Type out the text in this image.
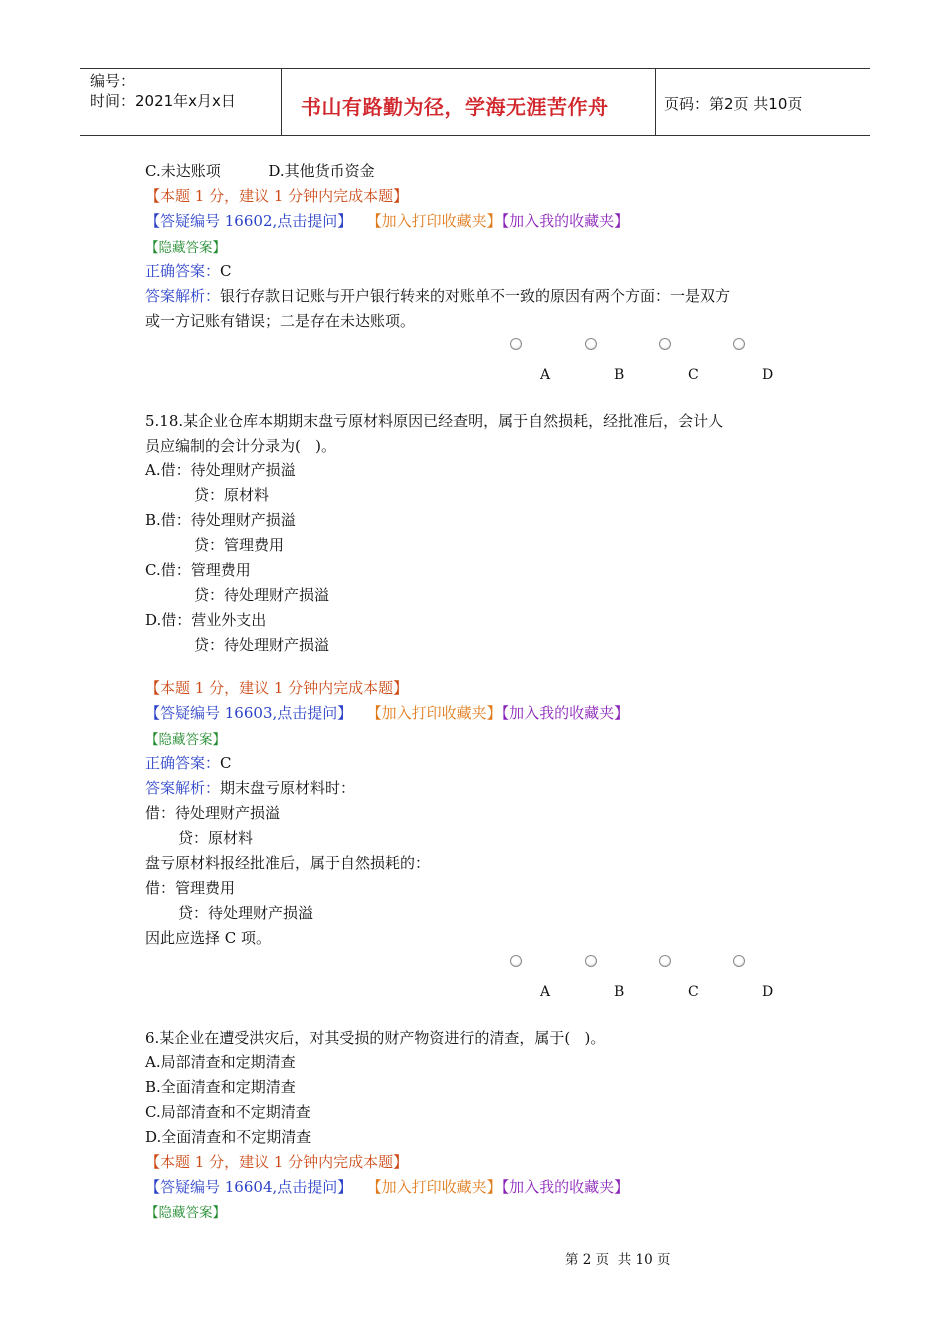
编号：
时间：2021年x月x日	书山有路勤为径，学海无涯苦作舟	页码：第2页 共10页
C.未达账项          D.其他货币资金
【本题 1 分，建议 1 分钟内完成本题】
【答疑编号 16602,点击提问】 【加入打印收藏夹】【加入我的收藏夹】
【隐藏答案】
正确答案：C
答案解析：银行存款日记账与开户银行转来的对账单不一致的原因有两个方面：一是双方
或一方记账有错误；二是存在未达账项。
A	B	C	D
5.18.某企业仓库本期期末盘亏原材料原因已经查明，属于自然损耗，经批准后，会计人
员应编制的会计分录为(   )。
A.借：待处理财产损溢
贷：原材料
B.借：待处理财产损溢
贷：管理费用
C.借：管理费用
贷：待处理财产损溢
D.借：营业外支出
贷：待处理财产损溢
【本题 1 分，建议 1 分钟内完成本题】
【答疑编号 16603,点击提问】 【加入打印收藏夹】【加入我的收藏夹】
【隐藏答案】
正确答案：C
答案解析：期末盘亏原材料时：
借：待处理财产损溢
贷：原材料
盘亏原材料报经批准后，属于自然损耗的：
借：管理费用
贷：待处理财产损溢
因此应选择 C 项。
A	B	C	D
6.某企业在遭受洪灾后，对其受损的财产物资进行的清查，属于(   )。
A.局部清查和定期清查
B.全面清查和定期清查
C.局部清查和不定期清查
D.全面清查和不定期清查
【本题 1 分，建议 1 分钟内完成本题】
【答疑编号 16604,点击提问】 【加入打印收藏夹】【加入我的收藏夹】
【隐藏答案】
第 2 页  共 10 页
